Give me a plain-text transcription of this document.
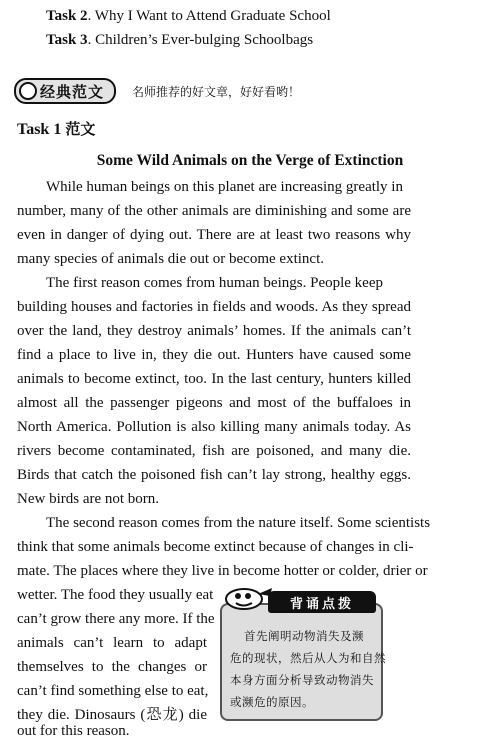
Task 2. Why I Want to Attend Graduate School
Task 3. Children’s Ever-bulging Schoolbags
经典范文 名师推荐的好文章，好好看哟！
Task 1 范文
Some Wild Animals on the Verge of Extinction
While human beings on this planet are increasing greatly in
number, many of the other animals are diminishing and some are
even in danger of dying out. There are at least two reasons why
many species of animals die out or become extinct.
The first reason comes from human beings. People keep
building houses and factories in fields and woods. As they spread
over the land, they destroy animals’ homes. If the animals can’t
find a place to live in, they die out. Hunters have caused some
animals to become extinct, too. In the last century, hunters killed
almost all the passenger pigeons and most of the buffaloes in
North America. Pollution is also killing many animals today. As
rivers become contaminated, fish are poisoned, and many die.
Birds that catch the poisoned fish can’t lay strong, healthy eggs.
New birds are not born.
The second reason comes from the nature itself. Some scientists
think that some animals become extinct because of changes in cli-
mate. The places where they live in become hotter or colder, drier or
wetter. The food they usually eat
can’t grow there any more. If the
animals can’t learn to adapt
themselves to the changes or
can’t find something else to eat,
they die. Dinosaurs (恐龙) die
out for this reason.
首先阐明动物消失及濒
危的现状，然后从人为和自然
本身方面分析导致动物消失
或濒危的原因。
背诵点拨
